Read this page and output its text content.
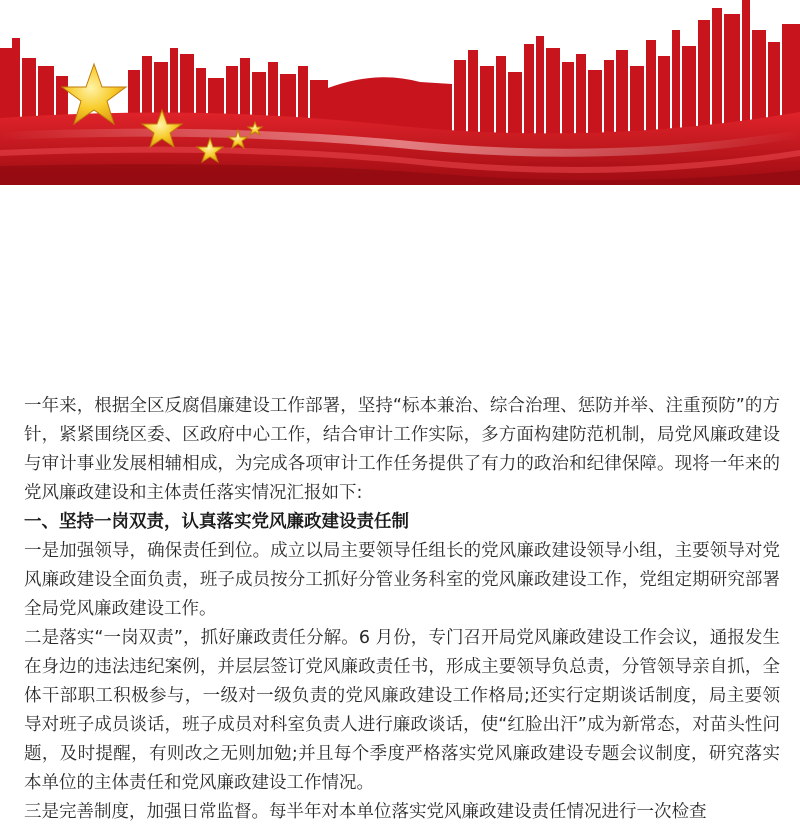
一年来，根据全区反腐倡廉建设工作部署，坚持“标本兼治、综合治理、惩防并举、注重预防”的方针，紧紧围绕区委、区政府中心工作，结合审计工作实际，多方面构建防范机制，局党风廉政建设与审计事业发展相辅相成，为完成各项审计工作任务提供了有力的政治和纪律保障。现将一年来的党风廉政建设和主体责任落实情况汇报如下:

一、坚持一岗双责，认真落实党风廉政建设责任制

一是加强领导，确保责任到位。成立以局主要领导任组长的党风廉政建设领导小组，主要领导对党风廉政建设全面负责，班子成员按分工抓好分管业务科室的党风廉政建设工作，党组定期研究部署全局党风廉政建设工作。

二是落实“一岗双责”，抓好廉政责任分解。6 月份，专门召开局党风廉政建设工作会议，通报发生在身边的违法违纪案例，并层层签订党风廉政责任书，形成主要领导负总责，分管领导亲自抓，全体干部职工积极参与，一级对一级负责的党风廉政建设工作格局;还实行定期谈话制度，局主要领导对班子成员谈话，班子成员对科室负责人进行廉政谈话，使“红脸出汗”成为新常态，对苗头性问题，及时提醒，有则改之无则加勉;并且每个季度严格落实党风廉政建设专题会议制度，研究落实本单位的主体责任和党风廉政建设工作情况。

三是完善制度，加强日常监督。每半年对本单位落实党风廉政建设责任情况进行一次检查
